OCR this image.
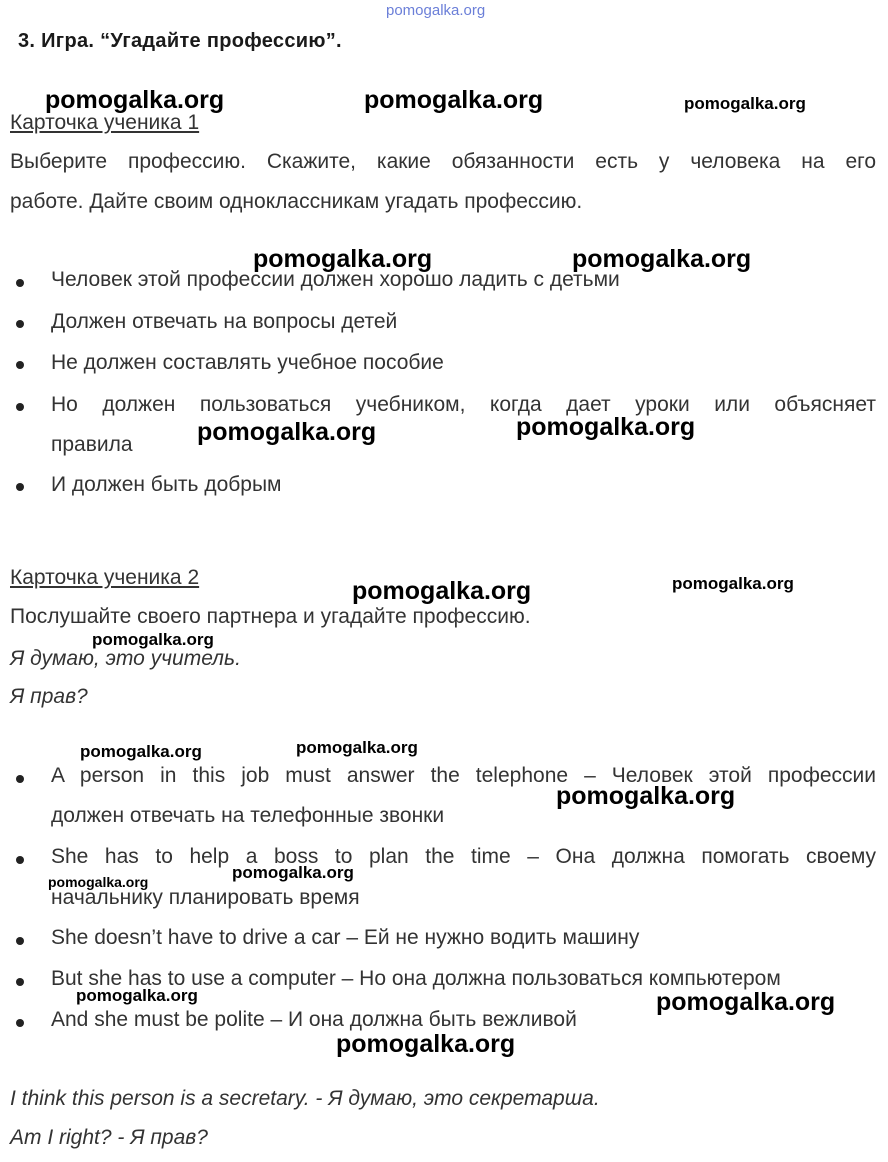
pomogalka.org
3. Игра. “Угадайте профессию”.
Карточка ученика 1
Выберите профессию. Скажите, какие обязанности есть у человека на его
работе. Дайте своим одноклассникам угадать профессию.
Человек этой профессии должен хорошо ладить с детьми
Должен отвечать на вопросы детей
Не должен составлять учебное пособие
Но должен пользоваться учебником, когда дает уроки или объясняет
правила
И должен быть добрым
Карточка ученика 2
Послушайте своего партнера и угадайте профессию.
Я думаю, это учитель.
Я прав?
A person in this job must answer the telephone – Человек этой профессии
должен отвечать на телефонные звонки
She has to help a boss to plan the time – Она должна помогать своему
начальнику планировать время
She doesn’t have to drive a car – Ей не нужно водить машину
But she has to use a computer – Но она должна пользоваться компьютером
And she must be polite – И она должна быть вежливой
I think this person is a secretary. - Я думаю, это секретарша.
Am I right? - Я прав?
pomogalka.org	pomogalka.org	pomogalka.org
pomogalka.org	pomogalka.org
pomogalka.org	pomogalka.org
pomogalka.org	pomogalka.org
pomogalka.org
pomogalka.org	pomogalka.org
pomogalka.org
pomogalka.org
pomogalka.org
pomogalka.org	pomogalka.org
pomogalka.org
